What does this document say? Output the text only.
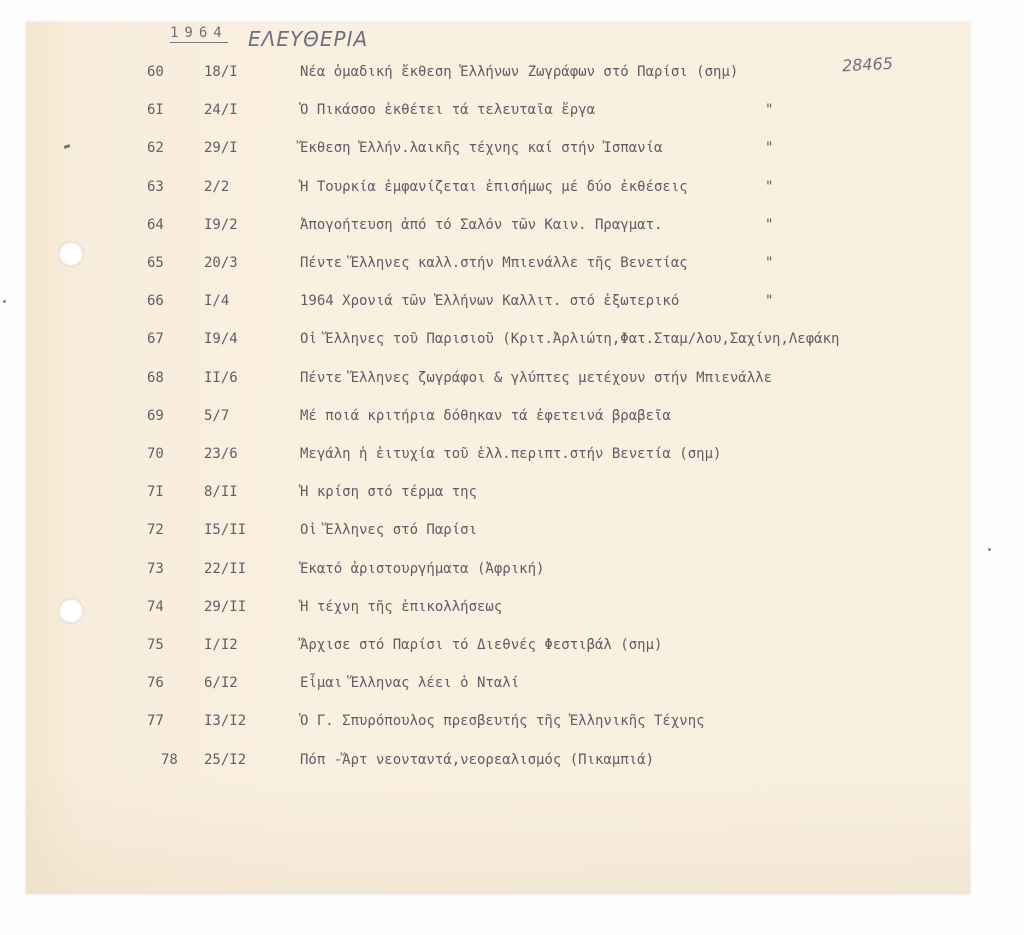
1964 ΕΛΕΥΘΕΡΙΑ
28465
60	18/I	Νέα ὁμαδική ἔκθεση Ἑλλήνων Ζωγράφων στό Παρίσι (σημ)
6I	24/I	Ὁ Πικάσσο ἐκθέτει τά τελευταῖα ἔργα	"
62	29/I	Ἔκθεση Ἑλλήν.λαικῆς τέχνης καί στήν Ἰσπανία	"
63	2/2	Ἡ Τουρκία ἐμφανίζεται ἐπισήμως μέ δύο ἐκθέσεις	"
64	I9/2	Ἀπογοήτευση ἀπό τό Σαλόν τῶν Καιν. Πραγματ.	"
65	20/3	Πέντε Ἕλληνες καλλ.στήν Μπιενάλλε τῆς Βενετίας	"
66	I/4	1964 Χρονιά τῶν Ἑλλήνων Καλλιτ. στό ἐξωτερικό	"
67	I9/4	Οἱ Ἕλληνες τοῦ Παρισιοῦ (Κριτ.Ἀρλιώτη,Φατ.Σταμ/λου,Σαχίνη,Λεφάκη
68	II/6	Πέντε Ἕλληνες ζωγράφοι & γλύπτες μετέχουν στήν Μπιενάλλε
69	5/7	Μέ ποιά κριτήρια δόθηκαν τά ἐφετεινά βραβεῖα
70	23/6	Μεγάλη ἡ ἐιτυχία τοῦ ἑλλ.περιπτ.στήν Βενετία (σημ)
7I	8/II	Ἡ κρίση στό τέρμα της
72	I5/II	Οἱ Ἕλληνες στό Παρίσι
73	22/II	Ἑκατό ἀριστουργήματα (Ἀφρική)
74	29/II	Ἡ τέχνη τῆς ἐπικολλήσεως
75	I/I2	Ἄρχισε στό Παρίσι τό Διεθνές Φεστιβάλ (σημ)
76	6/I2	Εἶμαι Ἕλληνας λέει ὁ Νταλί
77	I3/I2	Ὁ Γ. Σπυρόπουλος πρεσβευτής τῆς Ἑλληνικῆς Τέχνης
78 25/I2	Πόπ -Ἄρτ νεονταντά,νεορεαλισμός (Πικαμπιά)
